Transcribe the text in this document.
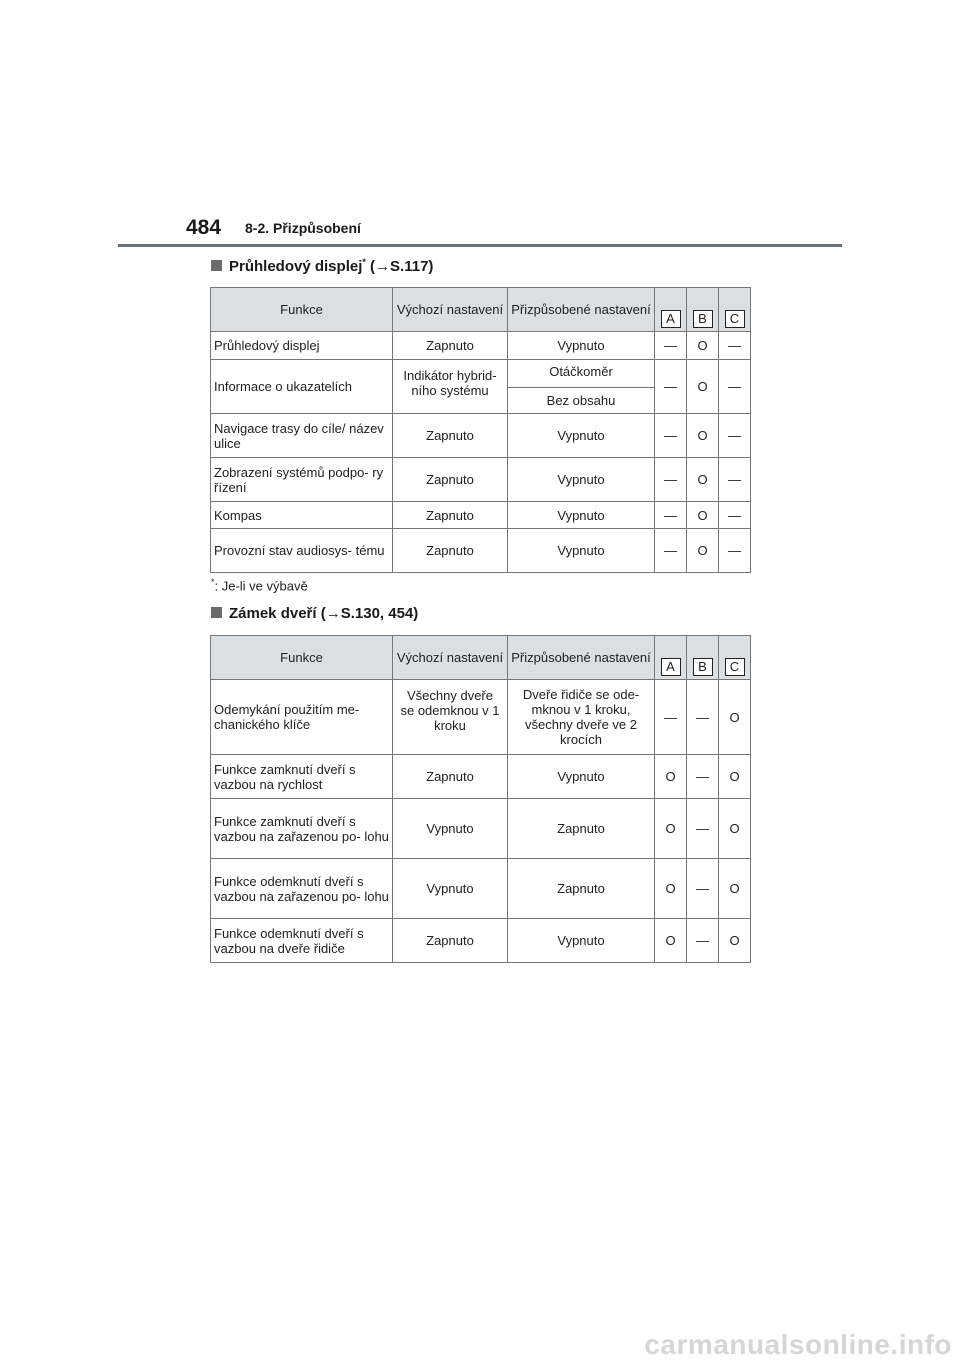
484 8-2. Přizpůsobení
Průhledový displej* (→S.117)
Funkce	Výchozí nastavení	Přizpůsobené nastavení	A	B	C
Průhledový displej	Zapnuto	Vypnuto	—	O	—
Informace o ukazatelích	Indikátor hybrid- ního systému	Otáčkoměr	—	O	—
		Bez obsahu			
Navigace trasy do cíle/ název ulice	Zapnuto	Vypnuto	—	O	—
Zobrazení systémů podpo- ry řízení	Zapnuto	Vypnuto	—	O	—
Kompas	Zapnuto	Vypnuto	—	O	—
Provozní stav audiosys- tému	Zapnuto	Vypnuto	—	O	—
*: Je-li ve výbavě
Zámek dveří (→S.130, 454)
Funkce	Výchozí nastavení	Přizpůsobené nastavení	A	B	C
Odemykání použitím me- chanického klíče	Všechny dveře se odemknou v 1 kroku	Dveře řidiče se ode- mknou v 1 kroku, všechny dveře ve 2 krocích	—	—	O
Funkce zamknutí dveří s vazbou na rychlost	Zapnuto	Vypnuto	O	—	O
Funkce zamknutí dveří s vazbou na zařazenou po- lohu	Vypnuto	Zapnuto	O	—	O
Funkce odemknutí dveří s vazbou na zařazenou po- lohu	Vypnuto	Zapnuto	O	—	O
Funkce odemknutí dveří s vazbou na dveře řidiče	Zapnuto	Vypnuto	O	—	O
carmanualsonline.info
